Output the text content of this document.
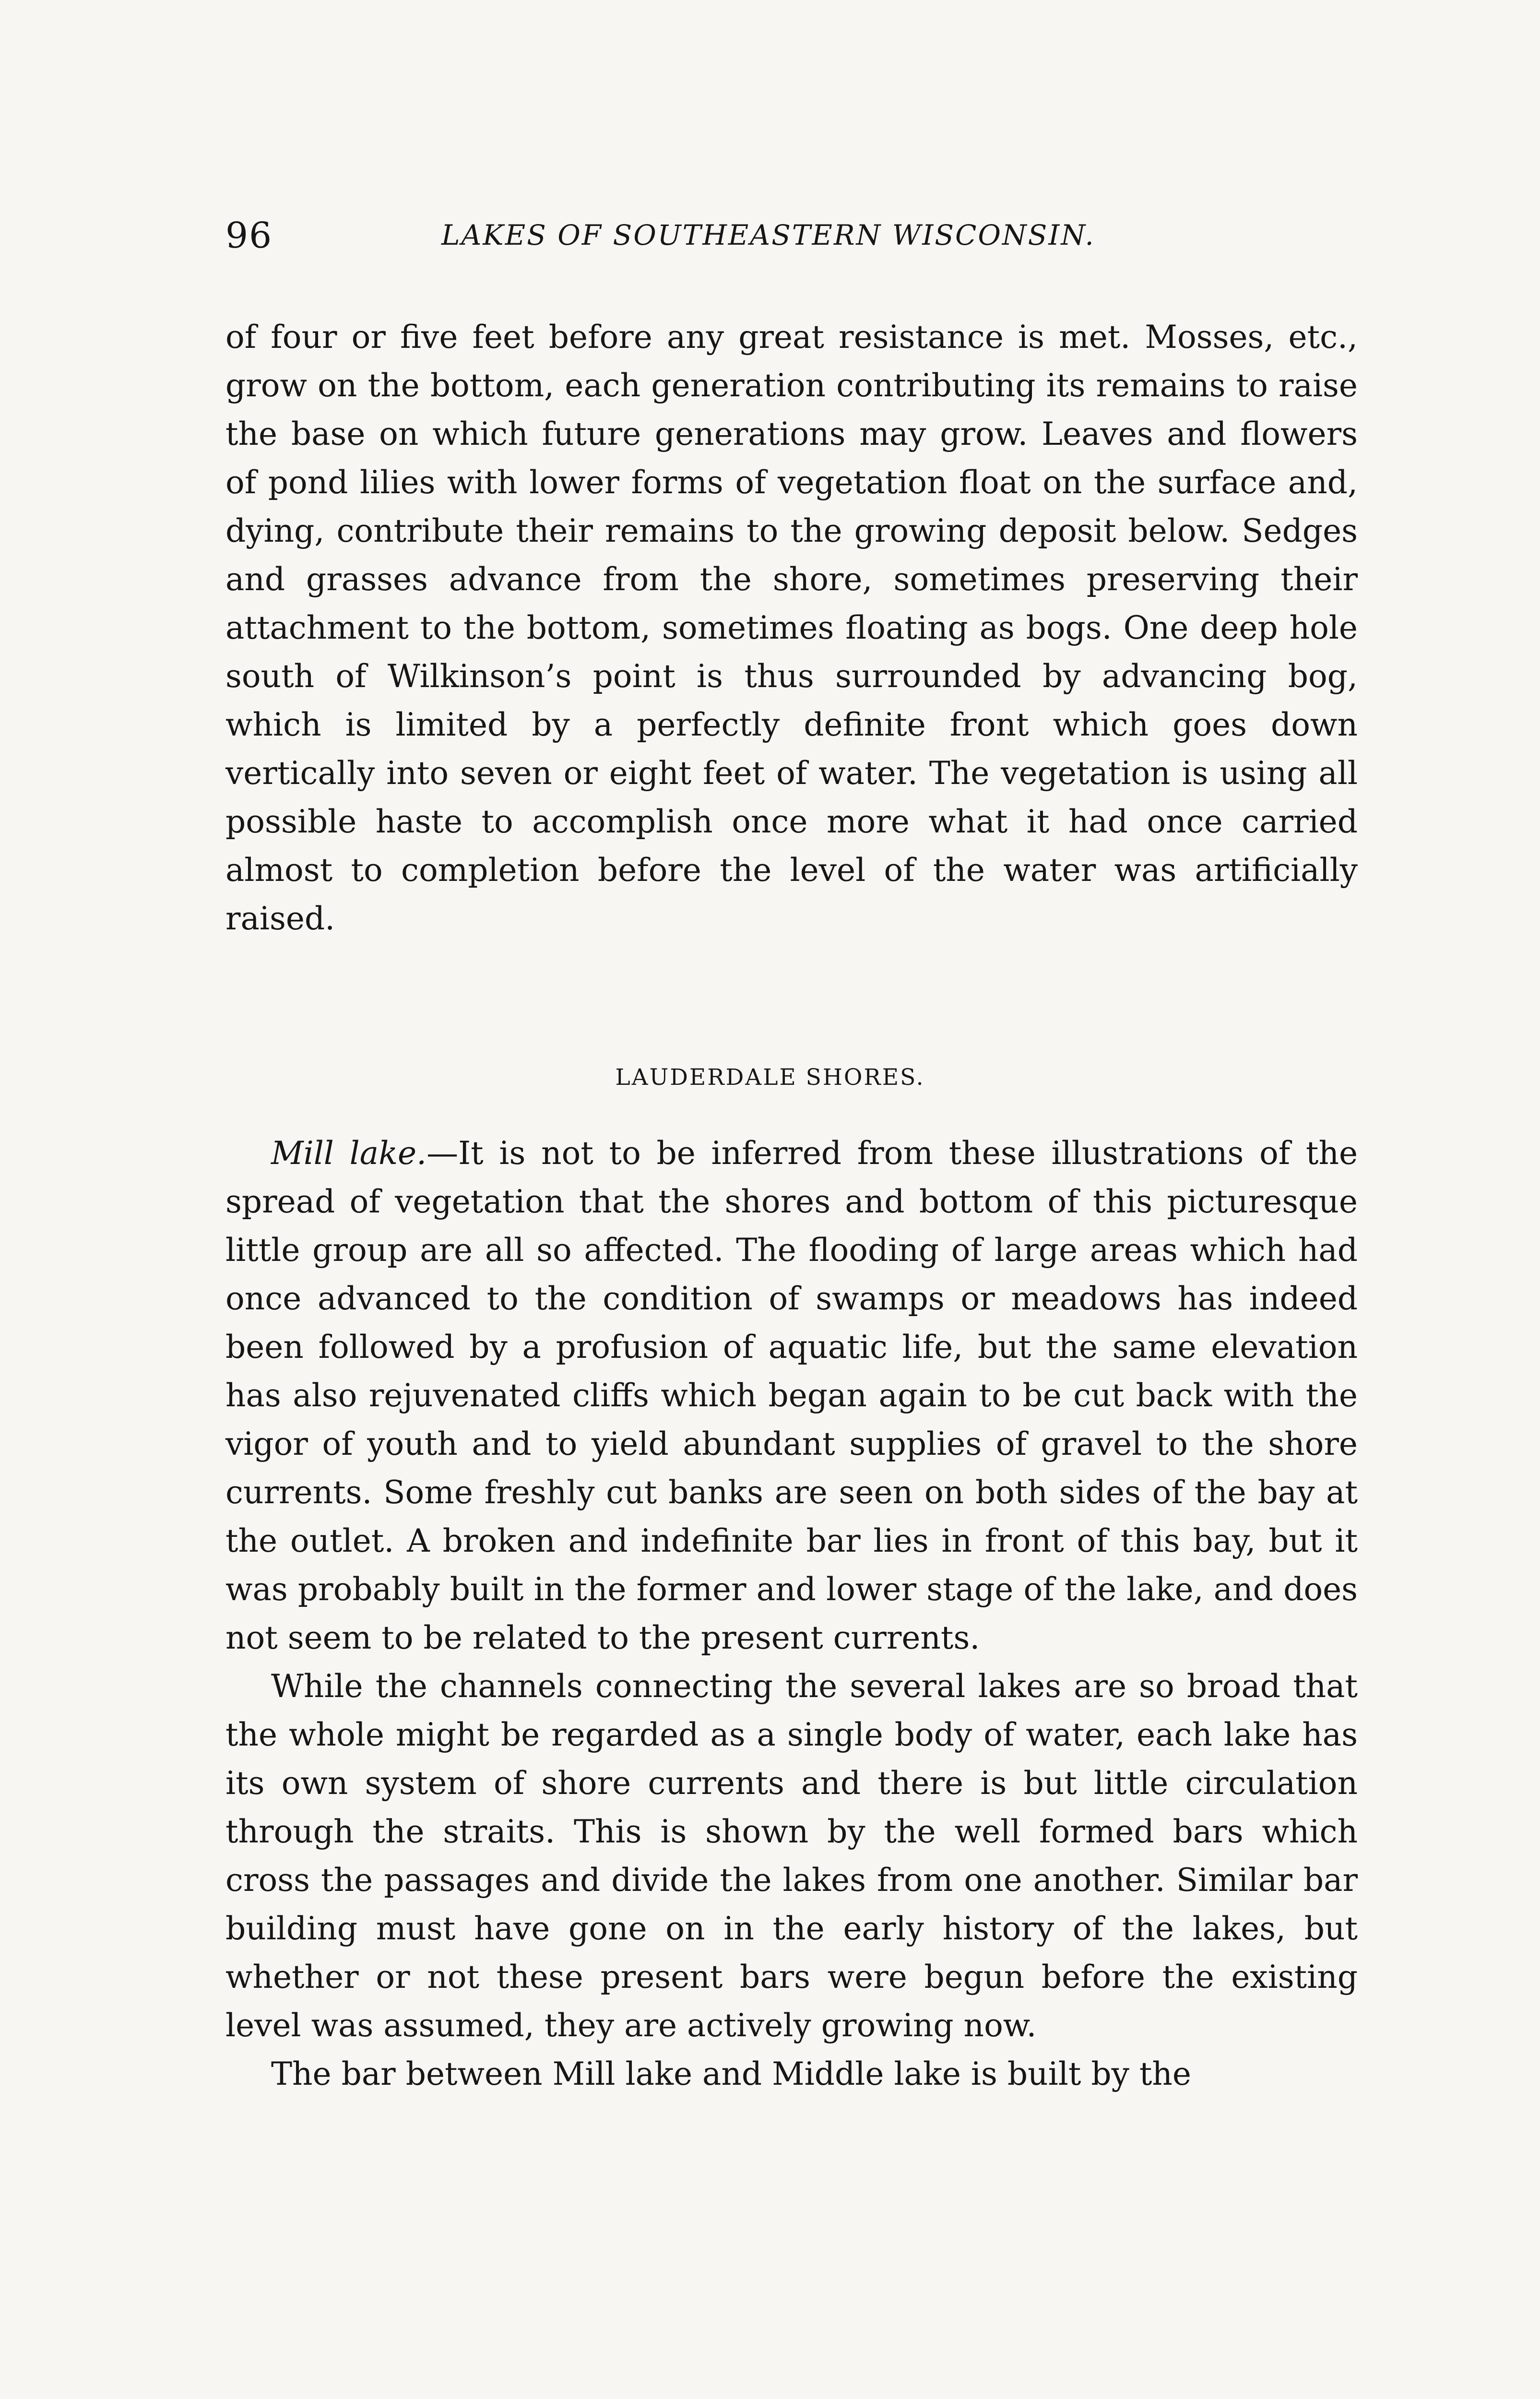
96	LAKES OF SOUTHEASTERN WISCONSIN.

of four or five feet before any great resistance is met. Mosses, etc., grow on the bottom, each generation contributing its remains to raise the base on which future generations may grow. Leaves and flowers of pond lilies with lower forms of vegetation float on the surface and, dying, contribute their remains to the growing deposit below. Sedges and grasses advance from the shore, sometimes preserving their attachment to the bottom, sometimes floating as bogs. One deep hole south of Wilkinson’s point is thus surrounded by advancing bog, which is limited by a perfectly definite front which goes down vertically into seven or eight feet of water. The vegetation is using all possible haste to accomplish once more what it had once carried almost to completion before the level of the water was artificially raised.

LAUDERDALE SHORES.

Mill lake.—It is not to be inferred from these illustrations of the spread of vegetation that the shores and bottom of this picturesque little group are all so affected. The flooding of large areas which had once advanced to the condition of swamps or meadows has indeed been followed by a profusion of aquatic life, but the same elevation has also rejuvenated cliffs which began again to be cut back with the vigor of youth and to yield abundant supplies of gravel to the shore currents. Some freshly cut banks are seen on both sides of the bay at the outlet. A broken and indefinite bar lies in front of this bay, but it was probably built in the former and lower stage of the lake, and does not seem to be related to the present currents.

While the channels connecting the several lakes are so broad that the whole might be regarded as a single body of water, each lake has its own system of shore currents and there is but little circulation through the straits. This is shown by the well formed bars which cross the passages and divide the lakes from one another. Similar bar building must have gone on in the early history of the lakes, but whether or not these present bars were begun before the existing level was assumed, they are actively growing now.

The bar between Mill lake and Middle lake is built by the
